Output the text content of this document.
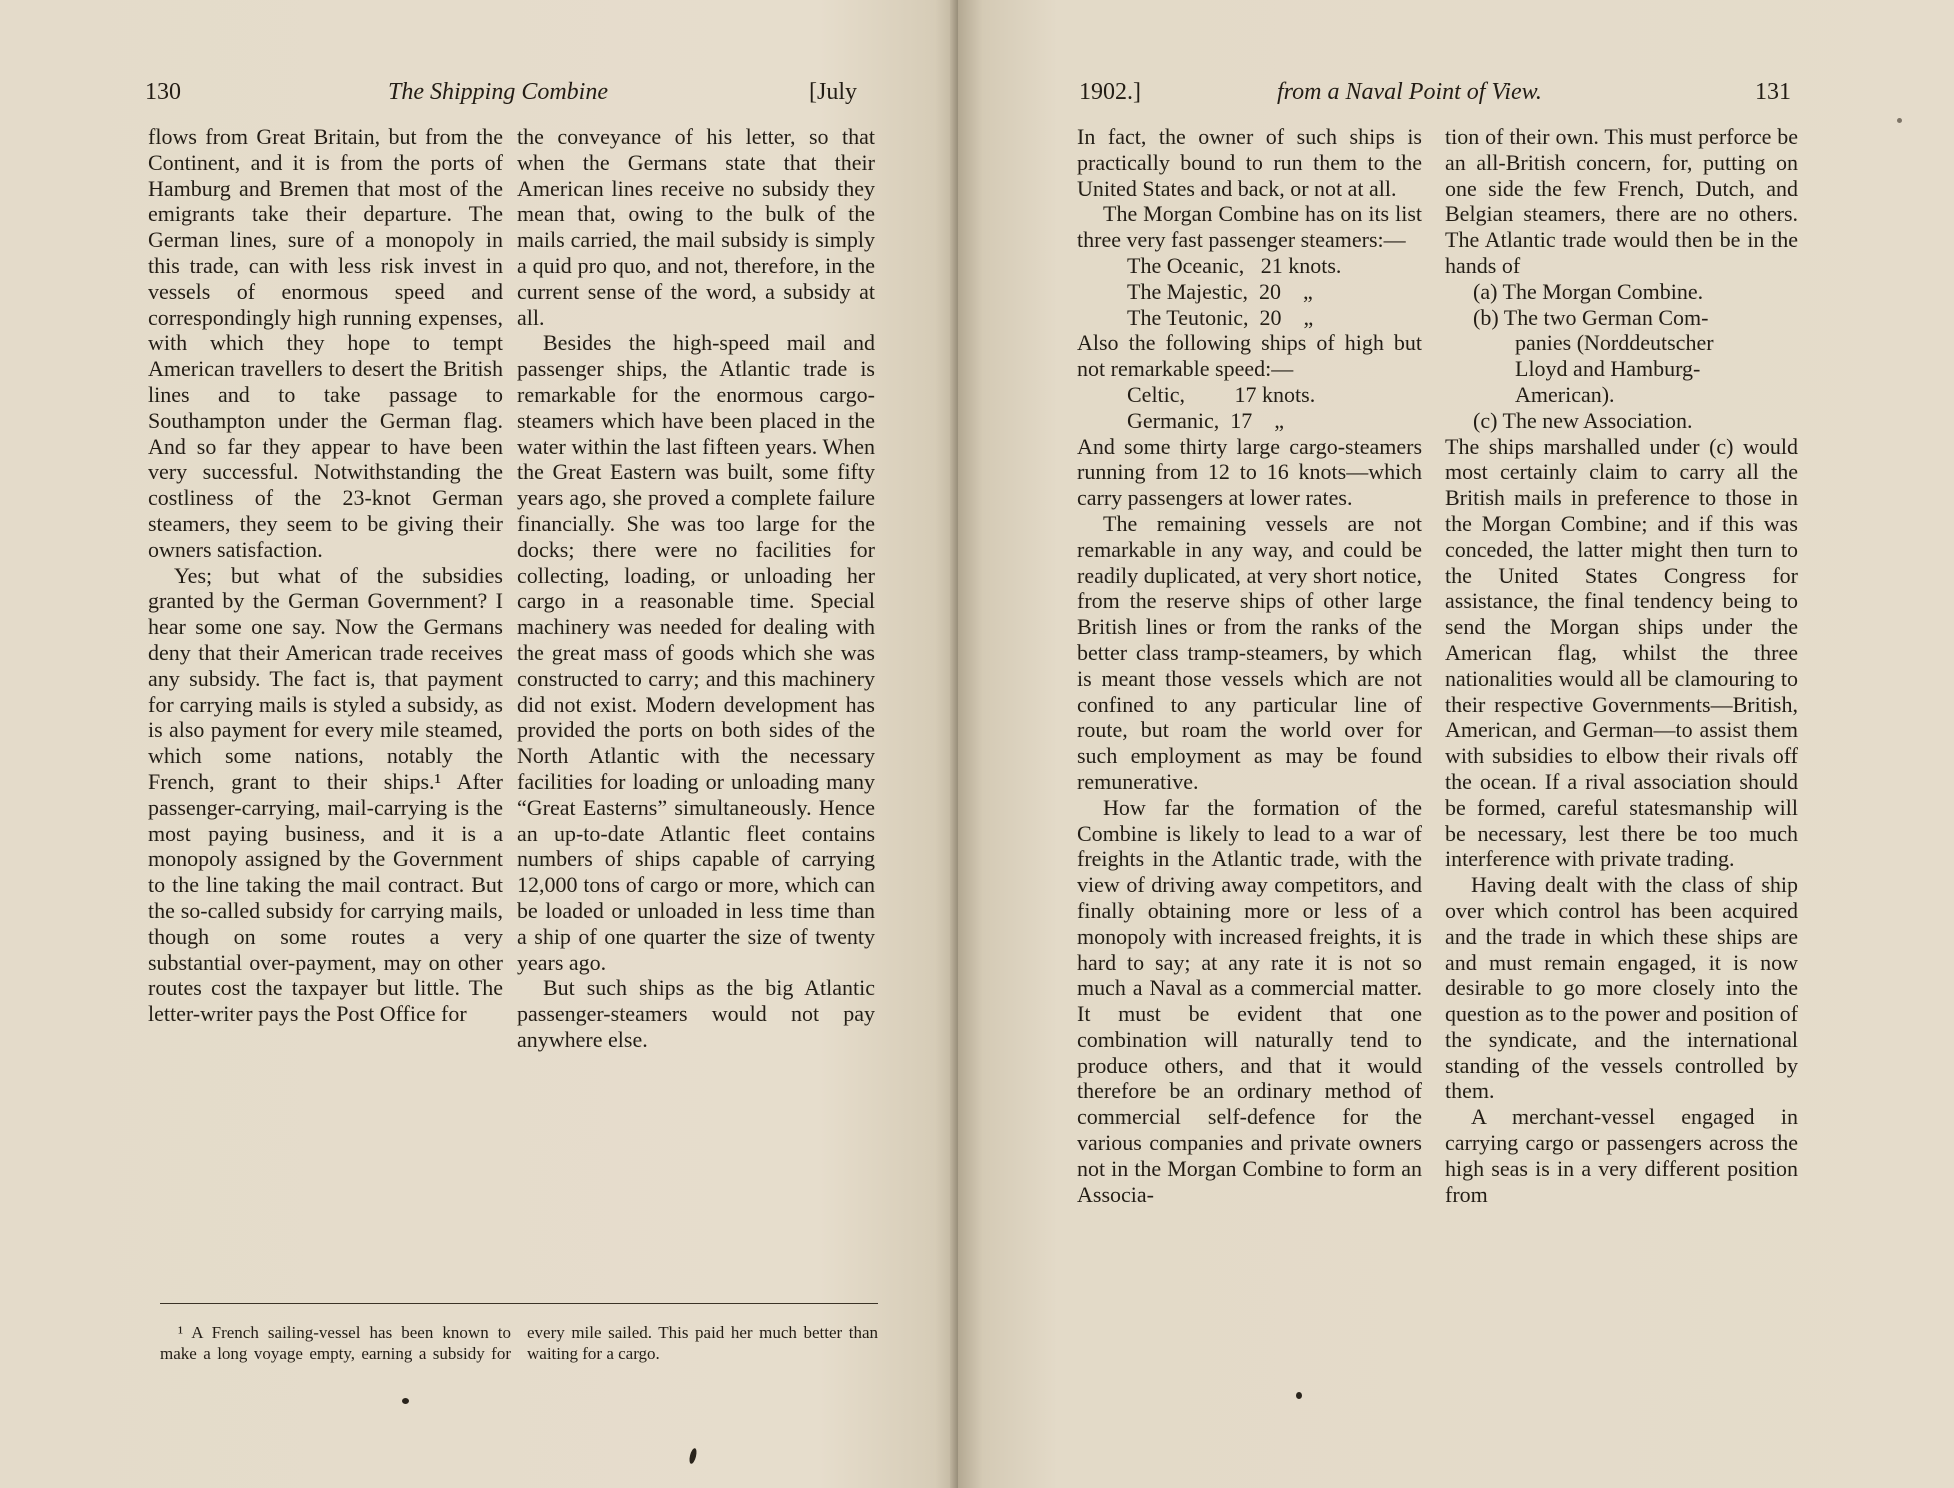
130	The Shipping Combine	[July

flows from Great Britain, but from the Continent, and it is from the ports of Hamburg and Bremen that most of the emigrants take their departure. The German lines, sure of a monopoly in this trade, can with less risk invest in vessels of enormous speed and correspondingly high running expenses, with which they hope to tempt American travellers to desert the British lines and to take passage to Southampton under the German flag. And so far they appear to have been very successful. Notwithstanding the costliness of the 23-knot German steamers, they seem to be giving their owners satisfaction.

Yes; but what of the subsidies granted by the German Government? I hear some one say. Now the Germans deny that their American trade receives any subsidy. The fact is, that payment for carrying mails is styled a subsidy, as is also payment for every mile steamed, which some nations, notably the French, grant to their ships.¹ After passenger-carrying, mail-carrying is the most paying business, and it is a monopoly assigned by the Government to the line taking the mail contract. But the so-called subsidy for carrying mails, though on some routes a very substantial over-payment, may on other routes cost the taxpayer but little. The letter-writer pays the Post Office for

the conveyance of his letter, so that when the Germans state that their American lines receive no subsidy they mean that, owing to the bulk of the mails carried, the mail subsidy is simply a quid pro quo, and not, therefore, in the current sense of the word, a subsidy at all.

Besides the high-speed mail and passenger ships, the Atlantic trade is remarkable for the enormous cargo-steamers which have been placed in the water within the last fifteen years. When the Great Eastern was built, some fifty years ago, she proved a complete failure financially. She was too large for the docks; there were no facilities for collecting, loading, or unloading her cargo in a reasonable time. Special machinery was needed for dealing with the great mass of goods which she was constructed to carry; and this machinery did not exist. Modern development has provided the ports on both sides of the North Atlantic with the necessary facilities for loading or unloading many “Great Easterns” simultaneously. Hence an up-to-date Atlantic fleet contains numbers of ships capable of carrying 12,000 tons of cargo or more, which can be loaded or unloaded in less time than a ship of one quarter the size of twenty years ago.

But such ships as the big Atlantic passenger-steamers would not pay anywhere else.

¹ A French sailing-vessel has been known to make a long voyage empty, earning a subsidy for every mile sailed. This paid her much better than waiting for a cargo.

1902.]	from a Naval Point of View.	131

In fact, the owner of such ships is practically bound to run them to the United States and back, or not at all.

The Morgan Combine has on its list three very fast passenger steamers:—

The Oceanic,   21 knots.
The Majestic,  20    „
The Teutonic,  20    „

Also the following ships of high but not remarkable speed:—

Celtic,         17 knots.
Germanic,  17    „

And some thirty large cargo-steamers running from 12 to 16 knots—which carry passengers at lower rates.

The remaining vessels are not remarkable in any way, and could be readily duplicated, at very short notice, from the reserve ships of other large British lines or from the ranks of the better class tramp-steamers, by which is meant those vessels which are not confined to any particular line of route, but roam the world over for such employment as may be found remunerative.

How far the formation of the Combine is likely to lead to a war of freights in the Atlantic trade, with the view of driving away competitors, and finally obtaining more or less of a monopoly with increased freights, it is hard to say; at any rate it is not so much a Naval as a commercial matter. It must be evident that one combination will naturally tend to produce others, and that it would therefore be an ordinary method of commercial self-defence for the various companies and private owners not in the Morgan Combine to form an Associa-

tion of their own. This must perforce be an all-British concern, for, putting on one side the few French, Dutch, and Belgian steamers, there are no others. The Atlantic trade would then be in the hands of

(a) The Morgan Combine.
(b) The two German Com-
panies (Norddeutscher
Lloyd and Hamburg-
American).
(c) The new Association.

The ships marshalled under (c) would most certainly claim to carry all the British mails in preference to those in the Morgan Combine; and if this was conceded, the latter might then turn to the United States Congress for assistance, the final tendency being to send the Morgan ships under the American flag, whilst the three nationalities would all be clamouring to their respective Governments—British, American, and German—to assist them with subsidies to elbow their rivals off the ocean. If a rival association should be formed, careful statesmanship will be necessary, lest there be too much interference with private trading.

Having dealt with the class of ship over which control has been acquired and the trade in which these ships are and must remain engaged, it is now desirable to go more closely into the question as to the power and position of the syndicate, and the international standing of the vessels controlled by them.

A merchant-vessel engaged in carrying cargo or passengers across the high seas is in a very different position from
